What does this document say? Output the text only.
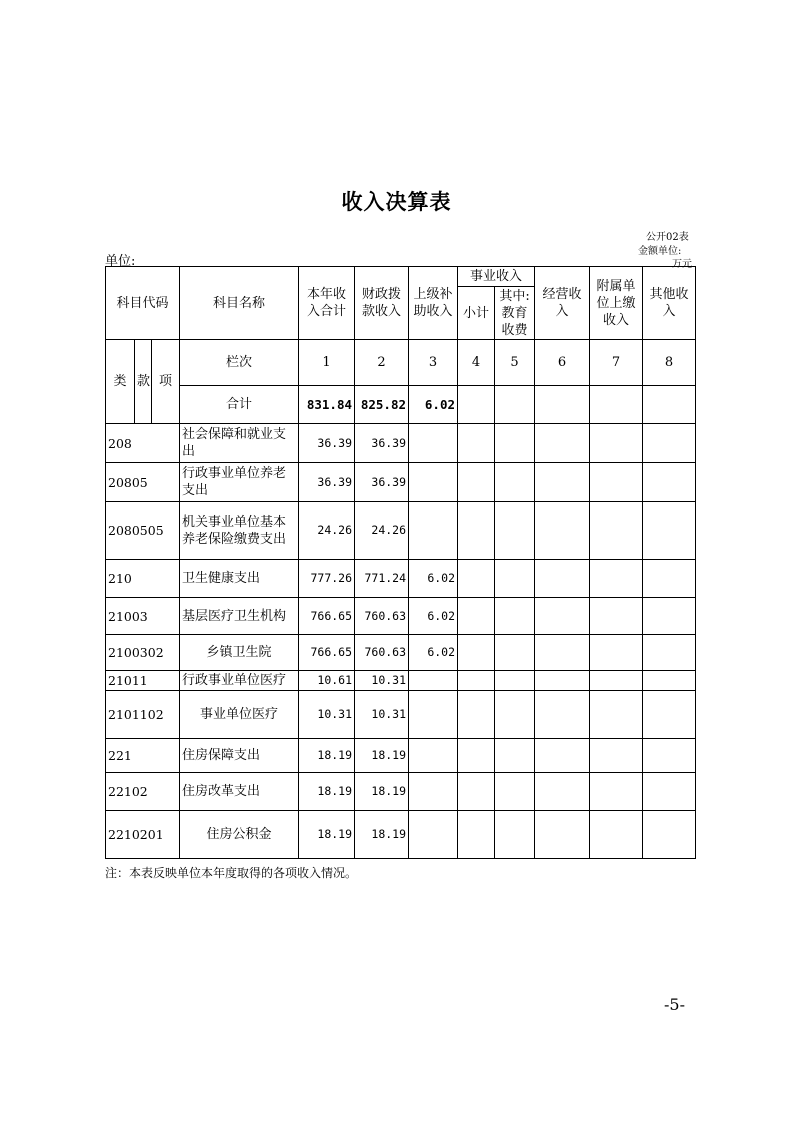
收入决算表
公开02表
金额单位:
万元
单位:
科目代码			科目名称	本年收入合计	财政拨款收入	上级补助收入	事业收入		经营收入	附属单位上缴收入	其他收入
							小计	其中:教育收费			

类	款	项	栏次	1	2	3	4	5	6	7	8
			合计	831.84	825.82	6.02					
208			社会保障和就业支出	36.39	36.39						
20805			行政事业单位养老支出	36.39	36.39						
2080505			机关事业单位基本养老保险缴费支出	24.26	24.26						
210			卫生健康支出	777.26	771.24	6.02					
21003			基层医疗卫生机构	766.65	760.63	6.02					
2100302			乡镇卫生院	766.65	760.63	6.02					
21011			行政事业单位医疗	10.61	10.31						
2101102			事业单位医疗	10.31	10.31						
221			住房保障支出	18.19	18.19						
22102			住房改革支出	18.19	18.19						
2210201			住房公积金	18.19	18.19						
注：本表反映单位本年度取得的各项收入情况。
-5-
